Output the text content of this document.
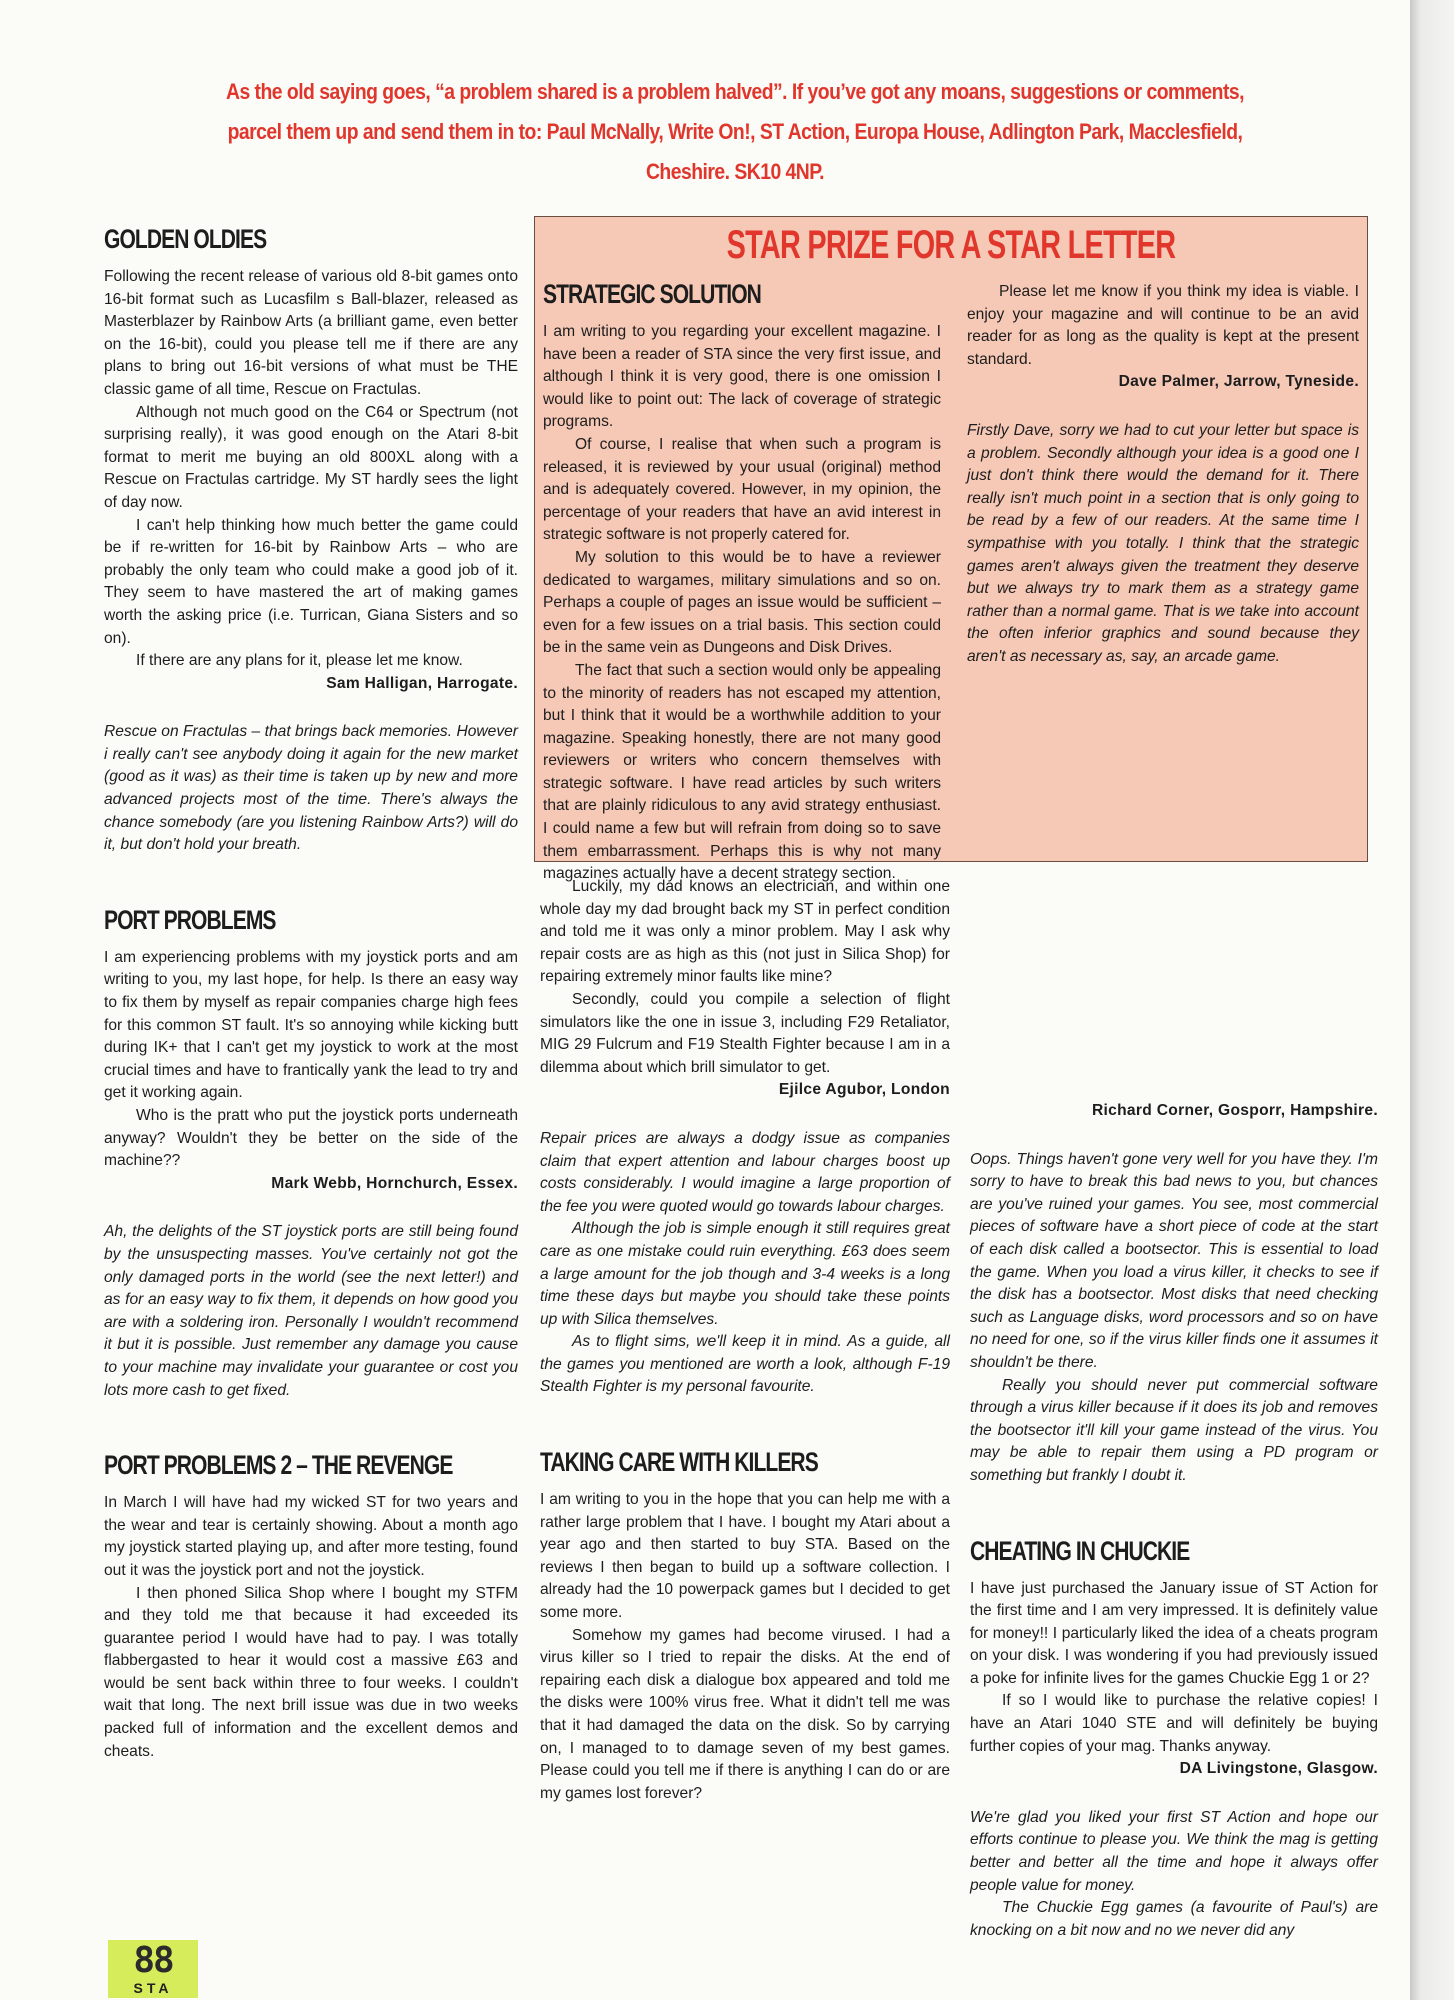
As the old saying goes, “a problem shared is a problem halved”. If you’ve got any moans, suggestions or comments, parcel them up and send them in to: Paul McNally, Write On!, ST Action, Europa House, Adlington Park, Macclesfield, Cheshire. SK10 4NP.
GOLDEN OLDIES

Following the recent release of various old 8-bit games onto 16-bit format such as Lucasfilm s Ball-blazer, released as Masterblazer by Rainbow Arts (a brilliant game, even better on the 16-bit), could you please tell me if there are any plans to bring out 16-bit versions of what must be THE classic game of all time, Rescue on Fractulas.

Although not much good on the C64 or Spectrum (not surprising really), it was good enough on the Atari 8-bit format to merit me buying an old 800XL along with a Rescue on Fractulas cartridge. My ST hardly sees the light of day now.

I can't help thinking how much better the game could be if re-written for 16-bit by Rainbow Arts – who are probably the only team who could make a good job of it. They seem to have mastered the art of making games worth the asking price (i.e. Turrican, Giana Sisters and so on).

If there are any plans for it, please let me know.

Sam Halligan, Harrogate.

Rescue on Fractulas – that brings back memories. However i really can't see anybody doing it again for the new market (good as it was) as their time is taken up by new and more advanced projects most of the time. There's always the chance somebody (are you listening Rainbow Arts?) will do it, but don't hold your breath.

PORT PROBLEMS

I am experiencing problems with my joystick ports and am writing to you, my last hope, for help. Is there an easy way to fix them by myself as repair companies charge high fees for this common ST fault. It's so annoying while kicking butt during IK+ that I can't get my joystick to work at the most crucial times and have to frantically yank the lead to try and get it working again.

Who is the pratt who put the joystick ports underneath anyway? Wouldn't they be better on the side of the machine??

Mark Webb, Hornchurch, Essex.

Ah, the delights of the ST joystick ports are still being found by the unsuspecting masses. You've certainly not got the only damaged ports in the world (see the next letter!) and as for an easy way to fix them, it depends on how good you are with a soldering iron. Personally I wouldn't recommend it but it is possible. Just remember any damage you cause to your machine may invalidate your guarantee or cost you lots more cash to get fixed.

PORT PROBLEMS 2 – THE REVENGE

In March I will have had my wicked ST for two years and the wear and tear is certainly showing. About a month ago my joystick started playing up, and after more testing, found out it was the joystick port and not the joystick.

I then phoned Silica Shop where I bought my STFM and they told me that because it had exceeded its guarantee period I would have had to pay. I was totally flabbergasted to hear it would cost a massive £63 and would be sent back within three to four weeks. I couldn't wait that long. The next brill issue was due in two weeks packed full of information and the excellent demos and cheats.

STAR PRIZE FOR A STAR LETTER
STRATEGIC SOLUTION

I am writing to you regarding your excellent magazine. I have been a reader of STA since the very first issue, and although I think it is very good, there is one omission I would like to point out: The lack of coverage of strategic programs.

Of course, I realise that when such a program is released, it is reviewed by your usual (original) method and is adequately covered. However, in my opinion, the percentage of your readers that have an avid interest in strategic software is not properly catered for.

My solution to this would be to have a reviewer dedicated to wargames, military simulations and so on. Perhaps a couple of pages an issue would be sufficient – even for a few issues on a trial basis. This section could be in the same vein as Dungeons and Disk Drives.

The fact that such a section would only be appealing to the minority of readers has not escaped my attention, but I think that it would be a worthwhile addition to your magazine. Speaking honestly, there are not many good reviewers or writers who concern themselves with strategic software. I have read articles by such writers that are plainly ridiculous to any avid strategy enthusiast. I could name a few but will refrain from doing so to save them embarrassment. Perhaps this is why not many magazines actually have a decent strategy section.

Please let me know if you think my idea is viable. I enjoy your magazine and will continue to be an avid reader for as long as the quality is kept at the present standard.

Dave Palmer, Jarrow, Tyneside.

Firstly Dave, sorry we had to cut your letter but space is a problem. Secondly although your idea is a good one I just don't think there would the demand for it. There really isn't much point in a section that is only going to be read by a few of our readers. At the same time I sympathise with you totally. I think that the strategic games aren't always given the treatment they deserve but we always try to mark them as a strategy game rather than a normal game. That is we take into account the often inferior graphics and sound because they aren't as necessary as, say, an arcade game.

Luckily, my dad knows an electrician, and within one whole day my dad brought back my ST in perfect condition and told me it was only a minor problem. May I ask why repair costs are as high as this (not just in Silica Shop) for repairing extremely minor faults like mine?

Secondly, could you compile a selection of flight simulators like the one in issue 3, including F29 Retaliator, MIG 29 Fulcrum and F19 Stealth Fighter because I am in a dilemma about which brill simulator to get.

Ejilce Agubor, London

Repair prices are always a dodgy issue as companies claim that expert attention and labour charges boost up costs considerably. I would imagine a large proportion of the fee you were quoted would go towards labour charges.

Although the job is simple enough it still requires great care as one mistake could ruin everything. £63 does seem a large amount for the job though and 3-4 weeks is a long time these days but maybe you should take these points up with Silica themselves.

As to flight sims, we'll keep it in mind. As a guide, all the games you mentioned are worth a look, although F-19 Stealth Fighter is my personal favourite.

TAKING CARE WITH KILLERS

I am writing to you in the hope that you can help me with a rather large problem that I have. I bought my Atari about a year ago and then started to buy STA. Based on the reviews I then began to build up a software collection. I already had the 10 powerpack games but I decided to get some more.

Somehow my games had become virused. I had a virus killer so I tried to repair the disks. At the end of repairing each disk a dialogue box appeared and told me the disks were 100% virus free. What it didn't tell me was that it had damaged the data on the disk. So by carrying on, I managed to to damage seven of my best games. Please could you tell me if there is anything I can do or are my games lost forever?

Richard Corner, Gosporr, Hampshire.

Oops. Things haven't gone very well for you have they. I'm sorry to have to break this bad news to you, but chances are you've ruined your games. You see, most commercial pieces of software have a short piece of code at the start of each disk called a bootsector. This is essential to load the game. When you load a virus killer, it checks to see if the disk has a bootsector. Most disks that need checking such as Language disks, word processors and so on have no need for one, so if the virus killer finds one it assumes it shouldn't be there.

Really you should never put commercial software through a virus killer because if it does its job and removes the bootsector it'll kill your game instead of the virus. You may be able to repair them using a PD program or something but frankly I doubt it.

CHEATING IN CHUCKIE

I have just purchased the January issue of ST Action for the first time and I am very impressed. It is definitely value for money!! I particularly liked the idea of a cheats program on your disk. I was wondering if you had previously issued a poke for infinite lives for the games Chuckie Egg 1 or 2?

If so I would like to purchase the relative copies! I have an Atari 1040 STE and will definitely be buying further copies of your mag. Thanks anyway.

DA Livingstone, Glasgow.

We're glad you liked your first ST Action and hope our efforts continue to please you. We think the mag is getting better and better all the time and hope it always offer people value for money.

The Chuckie Egg games (a favourite of Paul's) are knocking on a bit now and no we never did any

88
STA
